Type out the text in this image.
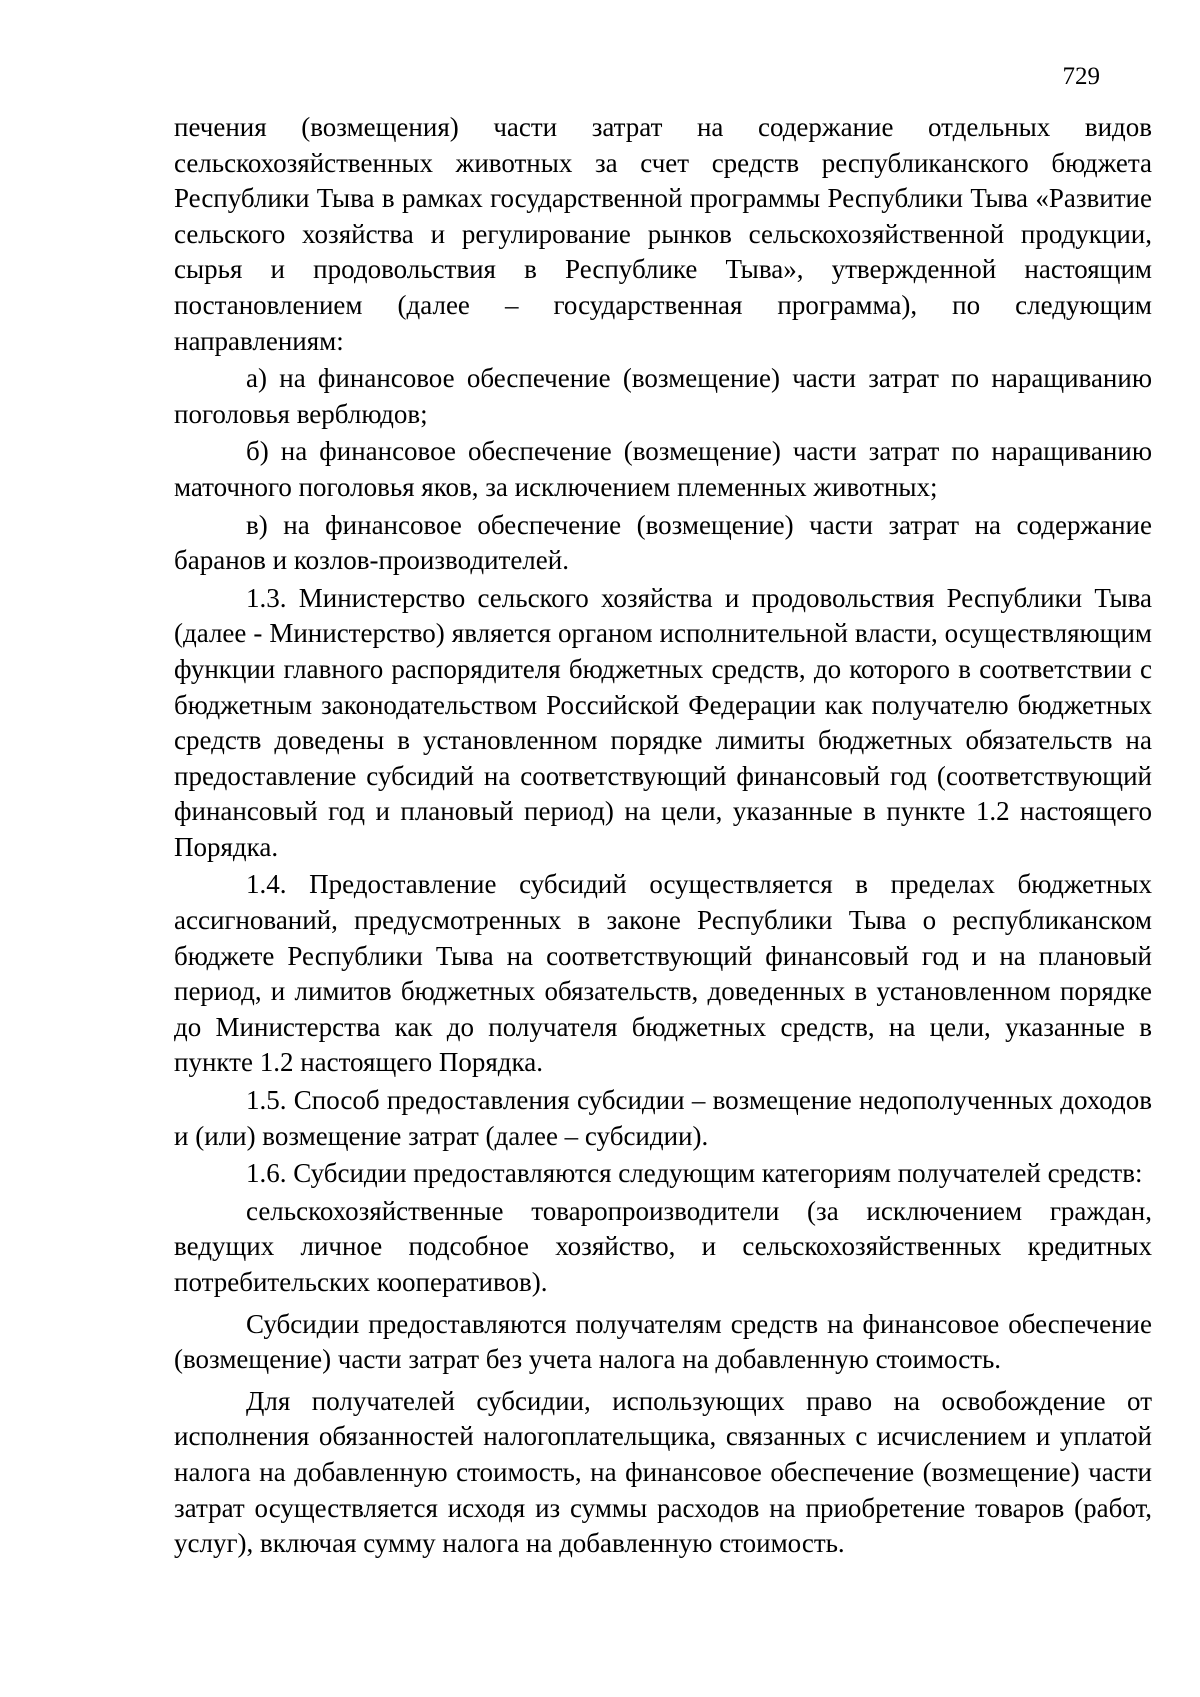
729

печения (возмещения) части затрат на содержание отдельных видов сельскохозяйственных животных за счет средств республиканского бюджета Республики Тыва в рамках государственной программы Республики Тыва «Развитие сельского хозяйства и регулирование рынков сельскохозяйственной продукции, сырья и продовольствия в Республике Тыва», утвержденной настоящим постановлением (далее – государственная программа), по следующим направлениям:

а) на финансовое обеспечение (возмещение) части затрат по наращиванию поголовья верблюдов;

б) на финансовое обеспечение (возмещение) части затрат по наращиванию маточного поголовья яков, за исключением племенных животных;

в) на финансовое обеспечение (возмещение) части затрат на содержание баранов и козлов-производителей.

1.3. Министерство сельского хозяйства и продовольствия Республики Тыва (далее - Министерство) является органом исполнительной власти, осуществляющим функции главного распорядителя бюджетных средств, до которого в соответствии с бюджетным законодательством Российской Федерации как получателю бюджетных средств доведены в установленном порядке лимиты бюджетных обязательств на предоставление субсидий на соответствующий финансовый год (соответствующий финансовый год и плановый период) на цели, указанные в пункте 1.2 настоящего Порядка.

1.4. Предоставление субсидий осуществляется в пределах бюджетных ассигнований, предусмотренных в законе Республики Тыва о республиканском бюджете Республики Тыва на соответствующий финансовый год и на плановый период, и лимитов бюджетных обязательств, доведенных в установленном порядке до Министерства как до получателя бюджетных средств, на цели, указанные в пункте 1.2 настоящего Порядка.

1.5. Способ предоставления субсидии – возмещение недополученных доходов и (или) возмещение затрат (далее – субсидии).

1.6. Субсидии предоставляются следующим категориям получателей средств:

сельскохозяйственные товаропроизводители (за исключением граждан, ведущих личное подсобное хозяйство, и сельскохозяйственных кредитных потребительских кооперативов).

Субсидии предоставляются получателям средств на финансовое обеспечение (возмещение) части затрат без учета налога на добавленную стоимость.

Для получателей субсидии, использующих право на освобождение от исполнения обязанностей налогоплательщика, связанных с исчислением и уплатой налога на добавленную стоимость, на финансовое обеспечение (возмещение) части затрат осуществляется исходя из суммы расходов на приобретение товаров (работ, услуг), включая сумму налога на добавленную стоимость.
